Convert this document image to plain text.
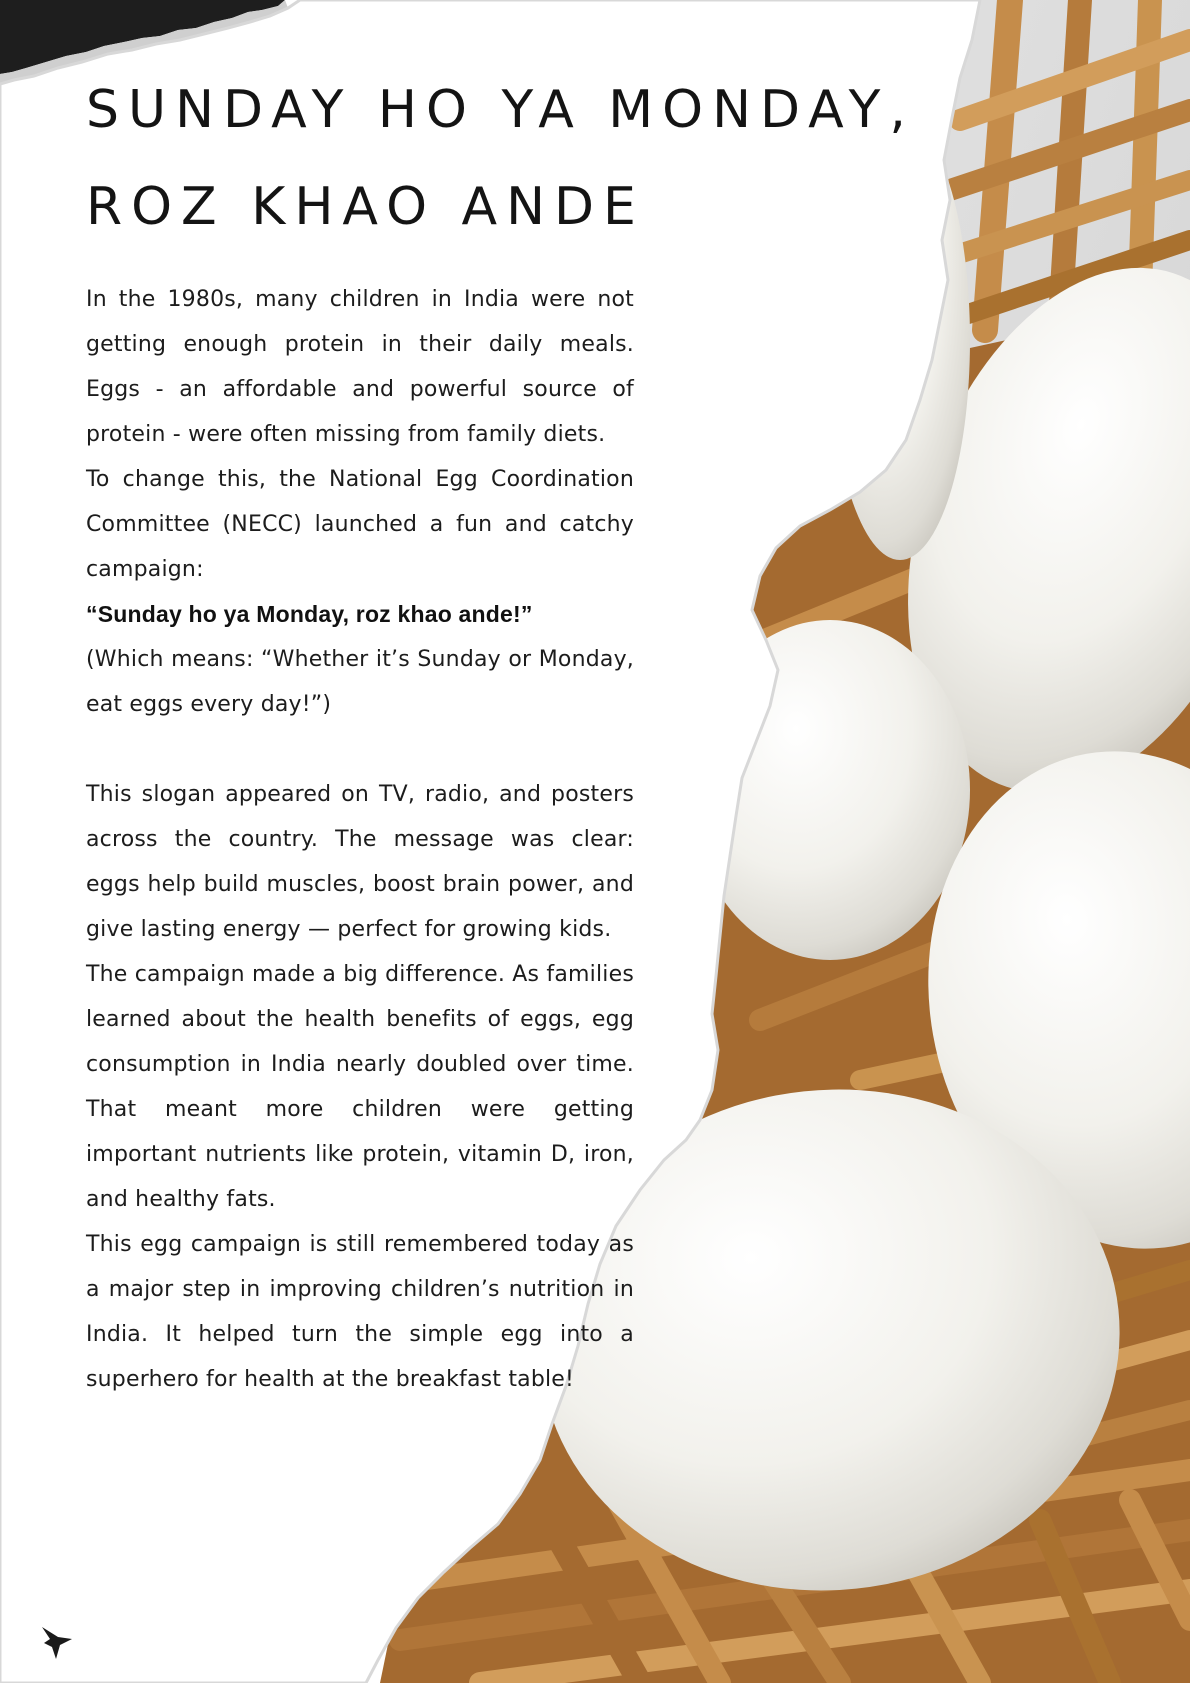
SUNDAY HO YA MONDAY,
ROZ KHAO ANDE

In the 1980s, many children in India were not getting enough protein in their daily meals. Eggs - an affordable and powerful source of protein - were often missing from family diets.

To change this, the National Egg Coordination Committee (NECC) launched a fun and catchy campaign:

“Sunday ho ya Monday, roz khao ande!”

(Which means: “Whether it’s Sunday or Monday, eat eggs every day!”)

This slogan appeared on TV, radio, and posters across the country. The message was clear: eggs help build muscles, boost brain power, and give lasting energy — perfect for growing kids.

The campaign made a big difference. As families learned about the health benefits of eggs, egg consumption in India nearly doubled over time. That meant more children were getting important nutrients like protein, vitamin D, iron, and healthy fats.

This egg campaign is still remembered today as a major step in improving children’s nutrition in India. It helped turn the simple egg into a superhero for health at the breakfast table!
